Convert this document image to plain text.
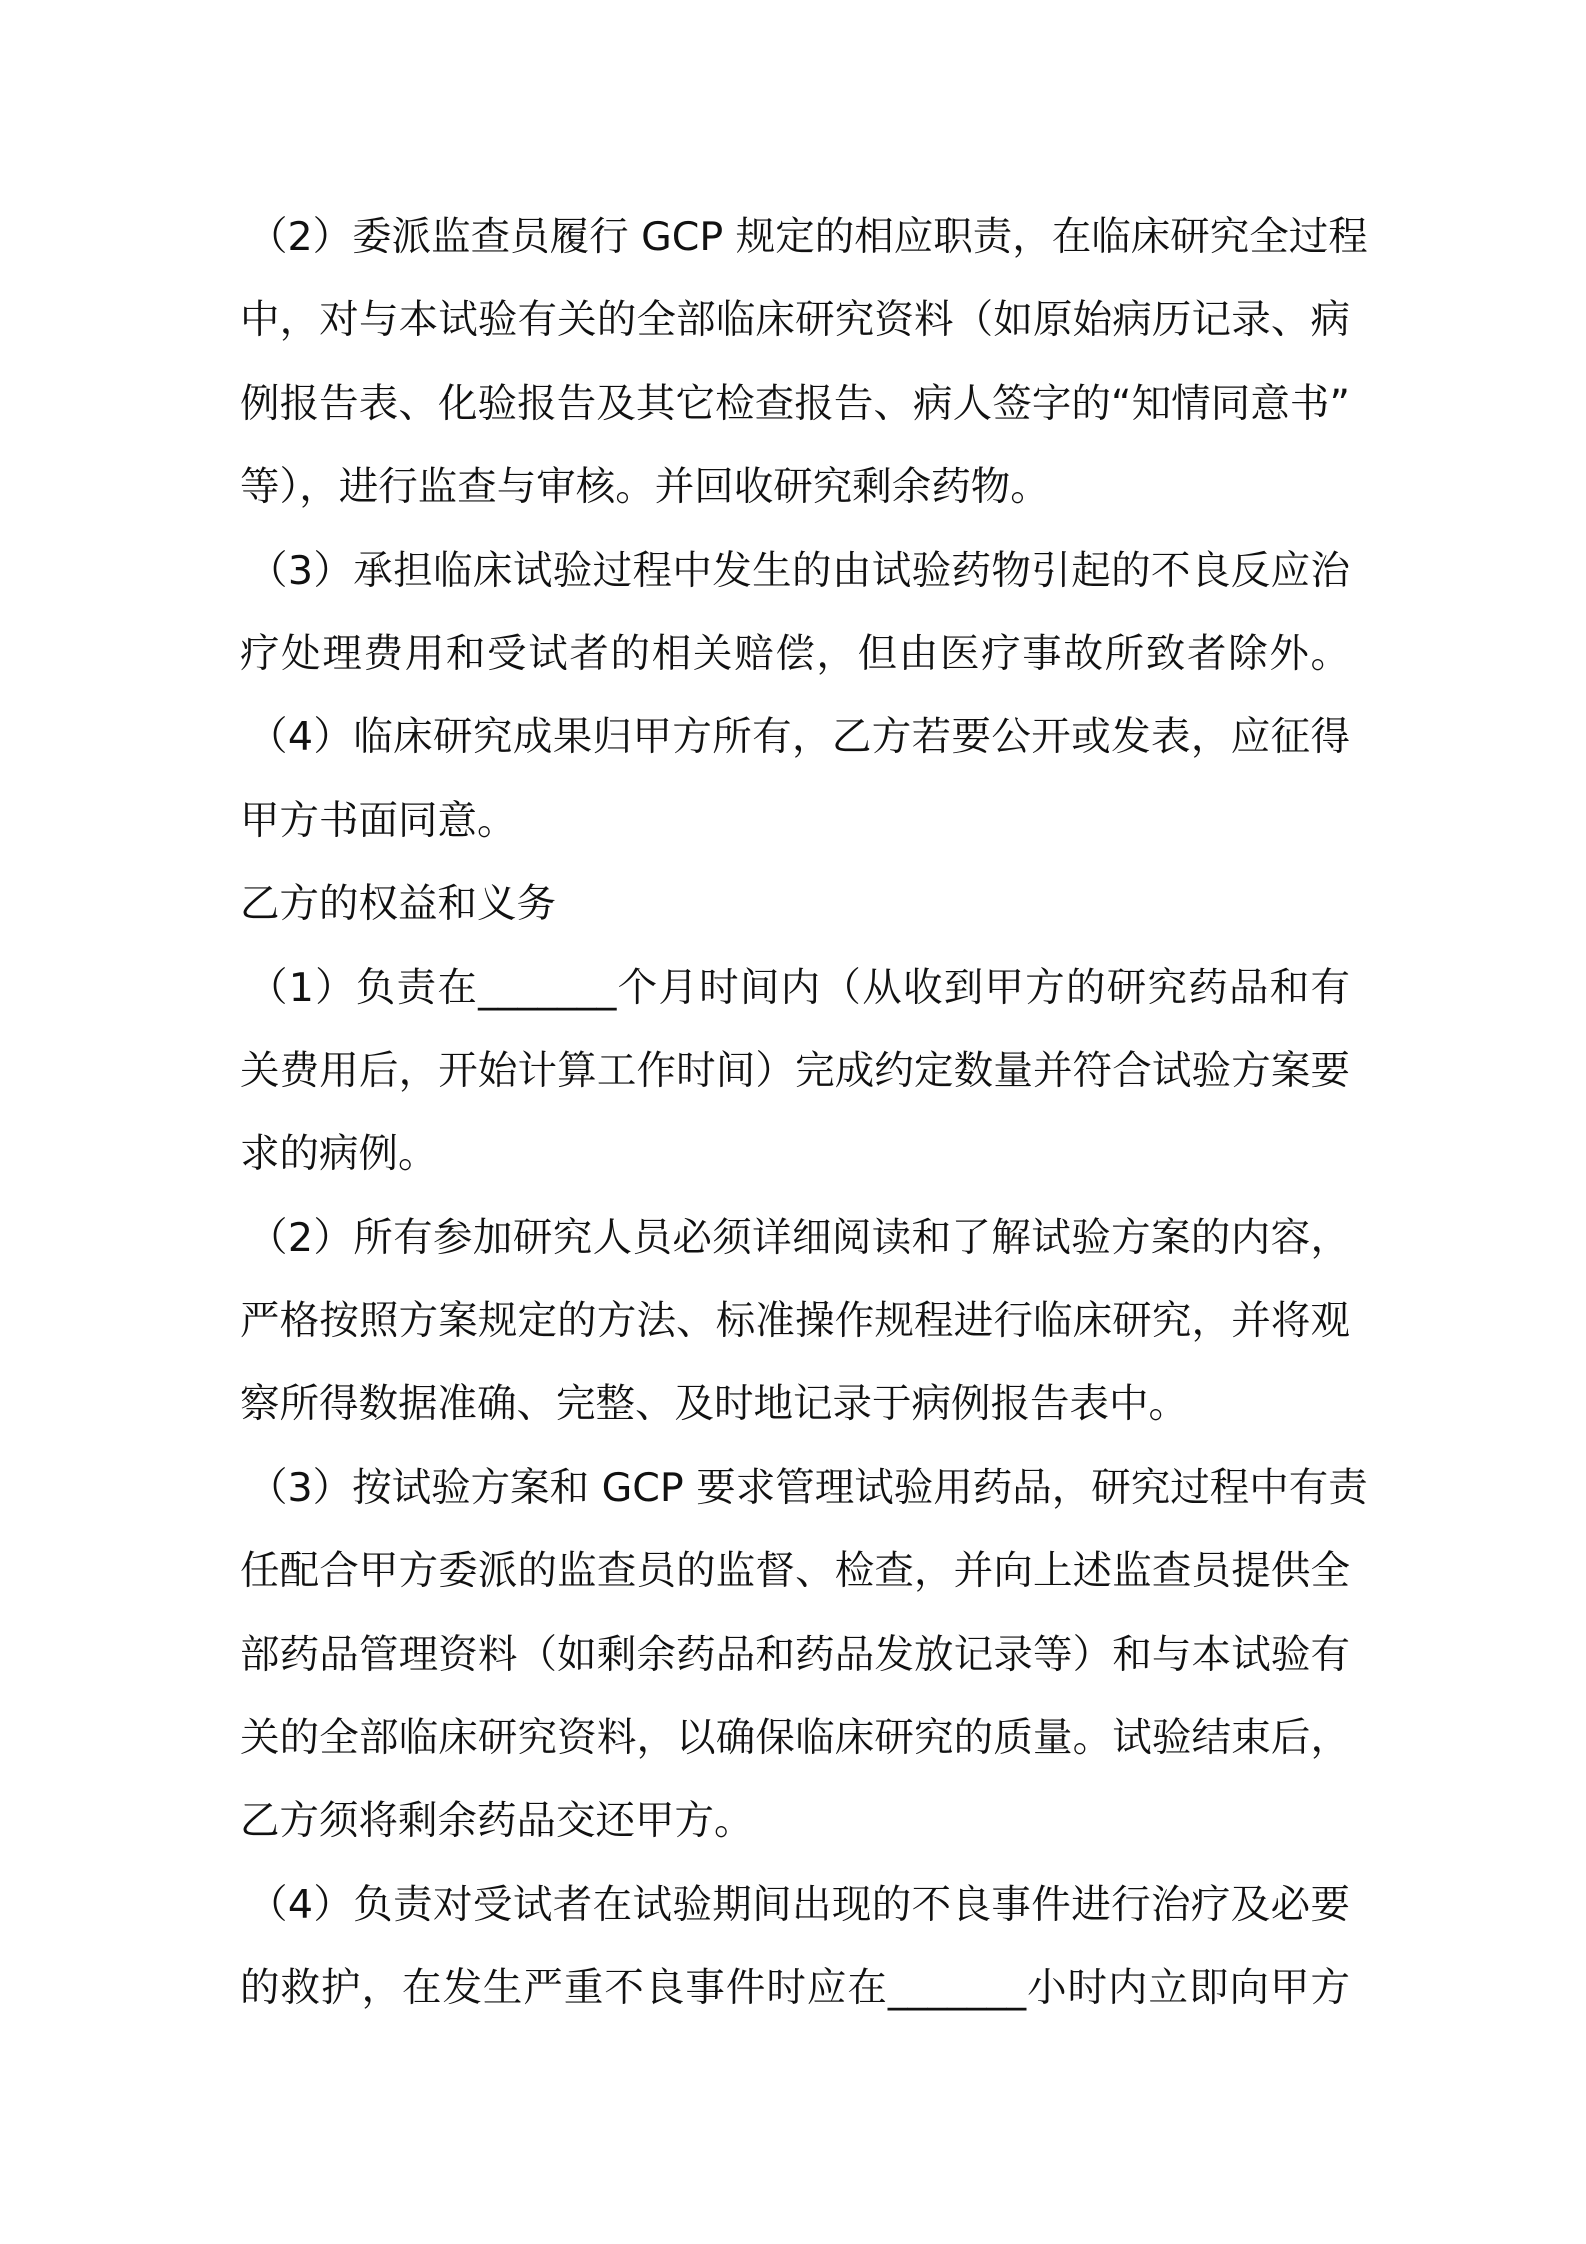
（2）委派监查员履行 GCP 规定的相应职责，在临床研究全过程
中，对与本试验有关的全部临床研究资料（如原始病历记录、病
例报告表、化验报告及其它检查报告、病人签字的“知情同意书”
等），进行监查与审核。并回收研究剩余药物。
（3）承担临床试验过程中发生的由试验药物引起的不良反应治
疗处理费用和受试者的相关赔偿，但由医疗事故所致者除外。
（4）临床研究成果归甲方所有，乙方若要公开或发表，应征得
甲方书面同意。
乙方的权益和义务
（1）负责在_______个月时间内（从收到甲方的研究药品和有
关费用后，开始计算工作时间）完成约定数量并符合试验方案要
求的病例。
（2）所有参加研究人员必须详细阅读和了解试验方案的内容，
严格按照方案规定的方法、标准操作规程进行临床研究，并将观
察所得数据准确、完整、及时地记录于病例报告表中。
（3）按试验方案和 GCP 要求管理试验用药品，研究过程中有责
任配合甲方委派的监查员的监督、检查，并向上述监查员提供全
部药品管理资料（如剩余药品和药品发放记录等）和与本试验有
关的全部临床研究资料，以确保临床研究的质量。试验结束后，
乙方须将剩余药品交还甲方。
（4）负责对受试者在试验期间出现的不良事件进行治疗及必要
的救护，在发生严重不良事件时应在_______小时内立即向甲方
